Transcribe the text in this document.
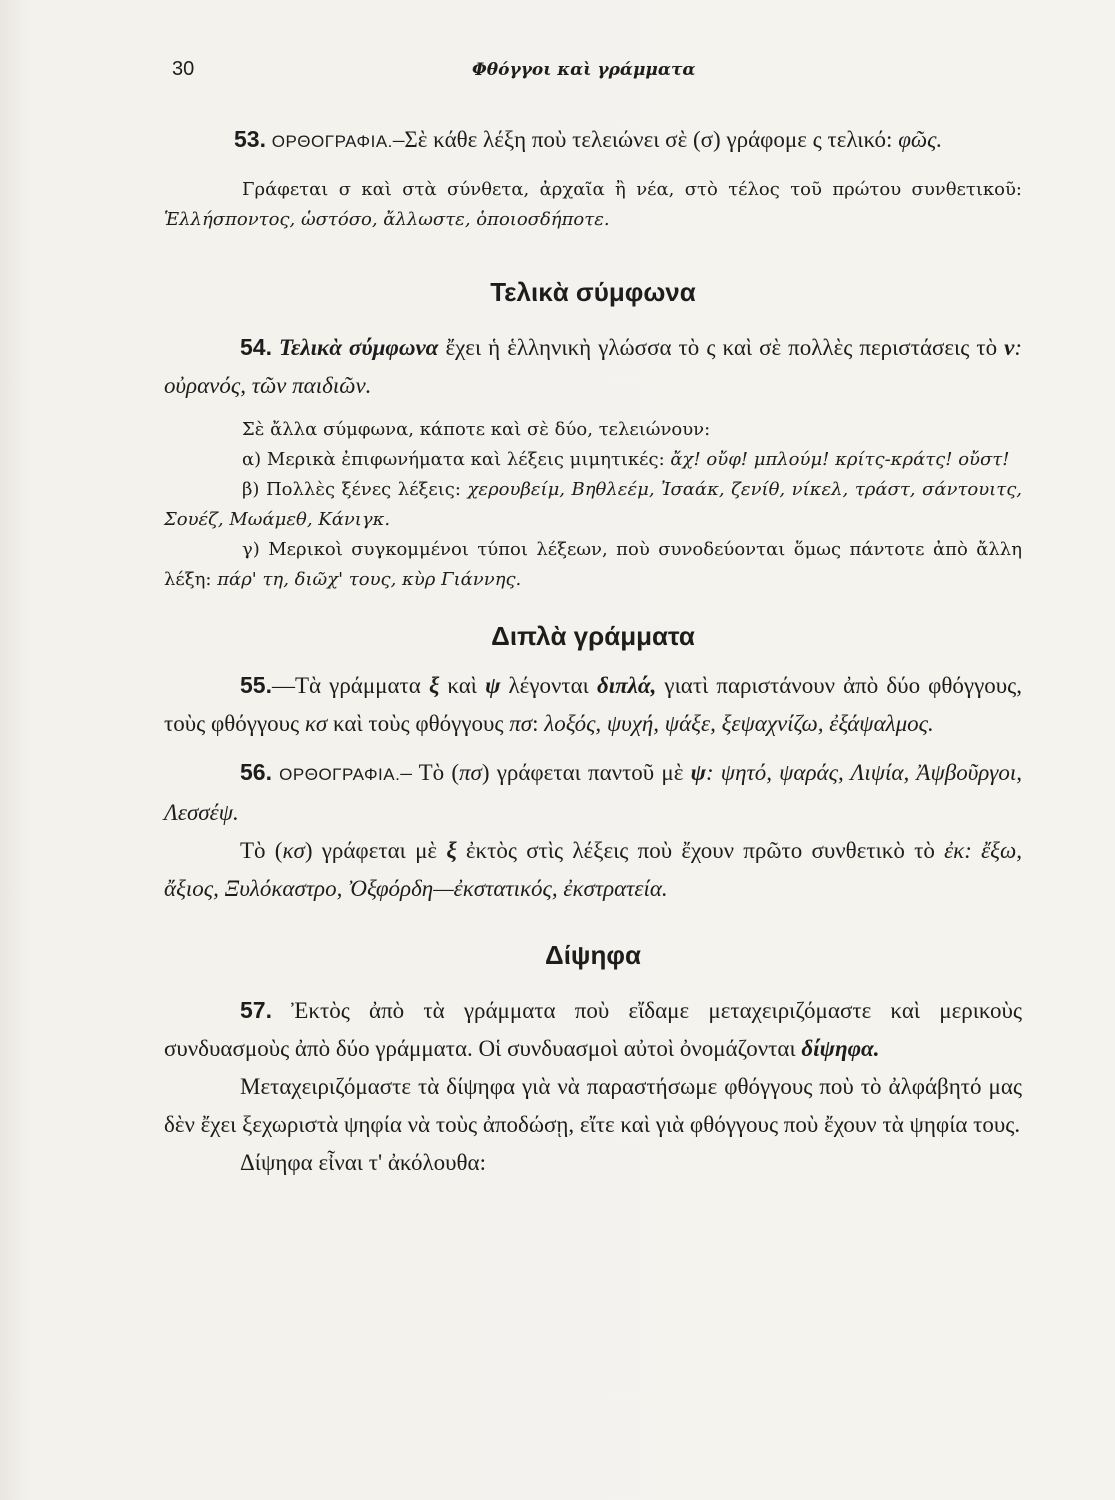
30	Φθόγγοι καὶ γράμματα

53. ΟΡΘΟΓΡΑΦΙΑ.–Σὲ κάθε λέξη ποὺ τελειώνει σὲ (σ) γράφομε ς τελικό: φῶς.

Γράφεται σ καὶ στὰ σύνθετα, ἀρχαῖα ἢ νέα, στὸ τέλος τοῦ πρώτου συνθετικοῦ: Ἑλλήσποντος, ὡστόσο, ἄλλωστε, ὁποιοσδήποτε.

Τελικὰ σύμφωνα

54. Τελικὰ σύμφωνα ἔχει ἡ ἑλληνικὴ γλώσσα τὸ ς καὶ σὲ πολλὲς περιστάσεις τὸ ν: οὐρανός, τῶν παιδιῶν.

Σὲ ἄλλα σύμφωνα, κάποτε καὶ σὲ δύο, τελειώνουν:

α) Μερικὰ ἐπιφωνήματα καὶ λέξεις μιμητικές: ἄχ! οὔφ! μπλούμ! κρίτς-κράτς! οὔστ!

β) Πολλὲς ξένες λέξεις: χερουβείμ, Βηθλεέμ, Ἰσαάκ, ζενίθ, νίκελ, τράστ, σάντουιτς, Σουέζ, Μωάμεθ, Κάνιγκ.

γ) Μερικοὶ συγκομμένοι τύποι λέξεων, ποὺ συνοδεύονται ὅμως πάντοτε ἀπὸ ἄλλη λέξη: πάρ' τη, διῶχ' τους, κὺρ Γιάννης.

Διπλὰ γράμματα

55.—Τὰ γράμματα ξ καὶ ψ λέγονται διπλά, γιατὶ παριστάνουν ἀπὸ δύο φθόγγους, τοὺς φθόγγους κσ καὶ τοὺς φθόγγους πσ: λοξός, ψυχή, ψάξε, ξεψαχνίζω, ἐξάψαλμος.

56. ΟΡΘΟΓΡΑΦΙΑ.– Τὸ (πσ) γράφεται παντοῦ μὲ ψ: ψητό, ψαράς, Λιψία, Ἀψβοῦργοι, Λεσσέψ.

Τὸ (κσ) γράφεται μὲ ξ ἐκτὸς στὶς λέξεις ποὺ ἔχουν πρῶτο συνθετικὸ τὸ ἐκ: ἔξω, ἄξιος, Ξυλόκαστρο, Ὀξφόρδη—ἐκστατικός, ἐκστρατεία.

Δίψηφα

57. Ἐκτὸς ἀπὸ τὰ γράμματα ποὺ εἴδαμε μεταχειριζόμαστε καὶ μερικοὺς συνδυασμοὺς ἀπὸ δύο γράμματα. Οἱ συνδυασμοὶ αὐτοὶ ὀνομάζονται δίψηφα.

Μεταχειριζόμαστε τὰ δίψηφα γιὰ νὰ παραστήσωμε φθόγγους ποὺ τὸ ἀλφάβητό μας δὲν ἔχει ξεχωριστὰ ψηφία νὰ τοὺς ἀποδώσῃ, εἴτε καὶ γιὰ φθόγγους ποὺ ἔχουν τὰ ψηφία τους.

Δίψηφα εἶναι τ' ἀκόλουθα:
